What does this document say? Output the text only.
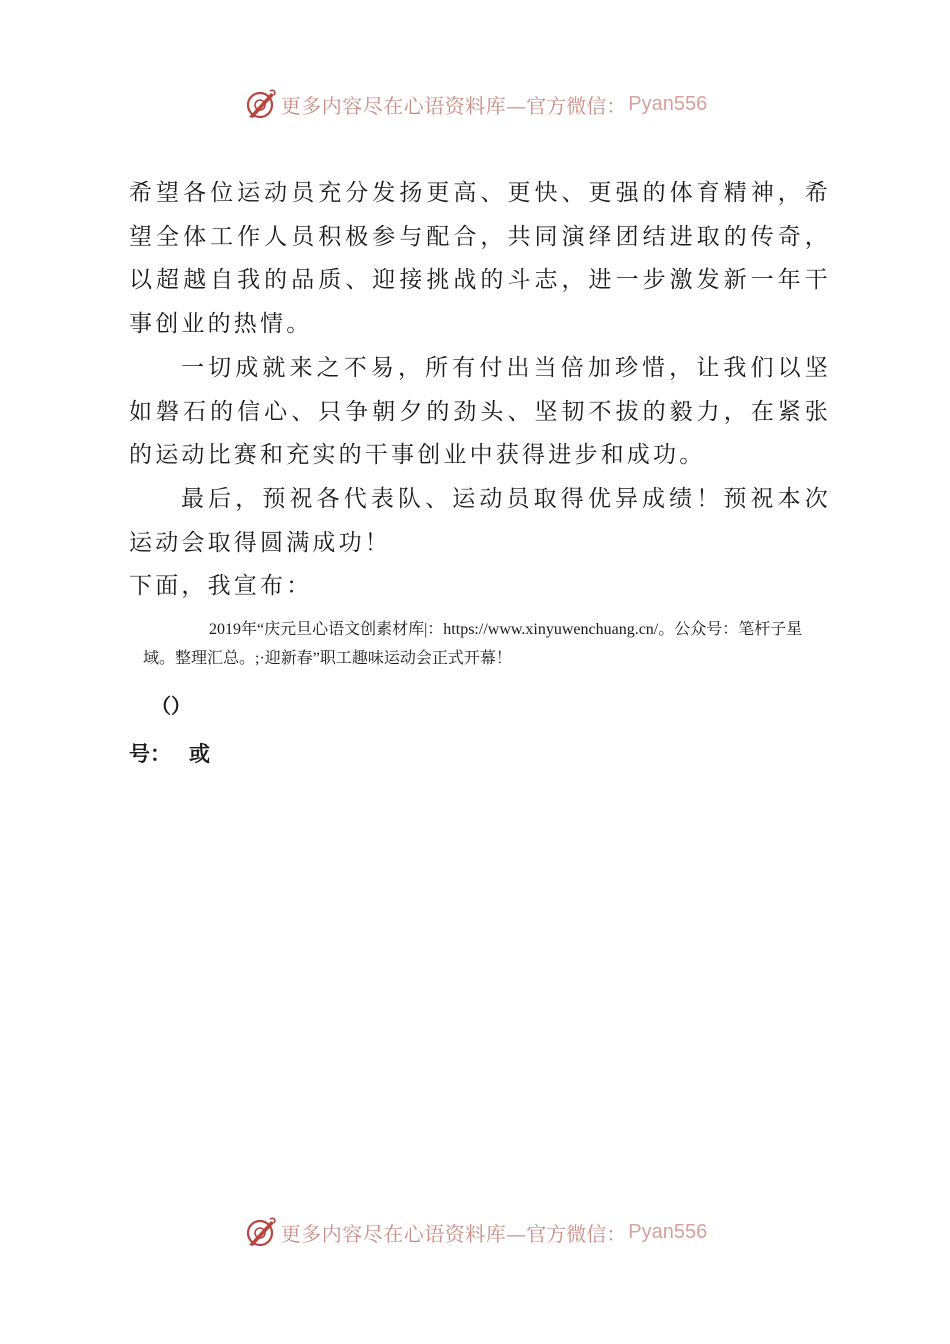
更多内容尽在心语资料库 —官方微信： Pyan556

希望各位运动员充分发扬更高、更快、更强的体育精神，希望全体工作人员积极参与配合，共同演绎团结进取的传奇，以超越自我的品质、迎接挑战的斗志，进一步激发新一年干事创业的热情。

一切成就来之不易，所有付出当倍加珍惜，让我们以坚如磐石的信心、只争朝夕的劲头、坚韧不拔的毅力，在紧张的运动比赛和充实的干事创业中获得进步和成功。

最后，预祝各代表队、运动员取得优异成绩！预祝本次运动会取得圆满成功！

下面，我宣布：

2019年“庆元旦心语文创素材库|：https://www.xinyuwenchuang.cn/。公众号：笔杆子星域。整理汇总。;·迎新春”职工趣味运动会正式开幕！

（）
号： 或
更多内容尽在心语资料库 —官方微信： Pyan556
